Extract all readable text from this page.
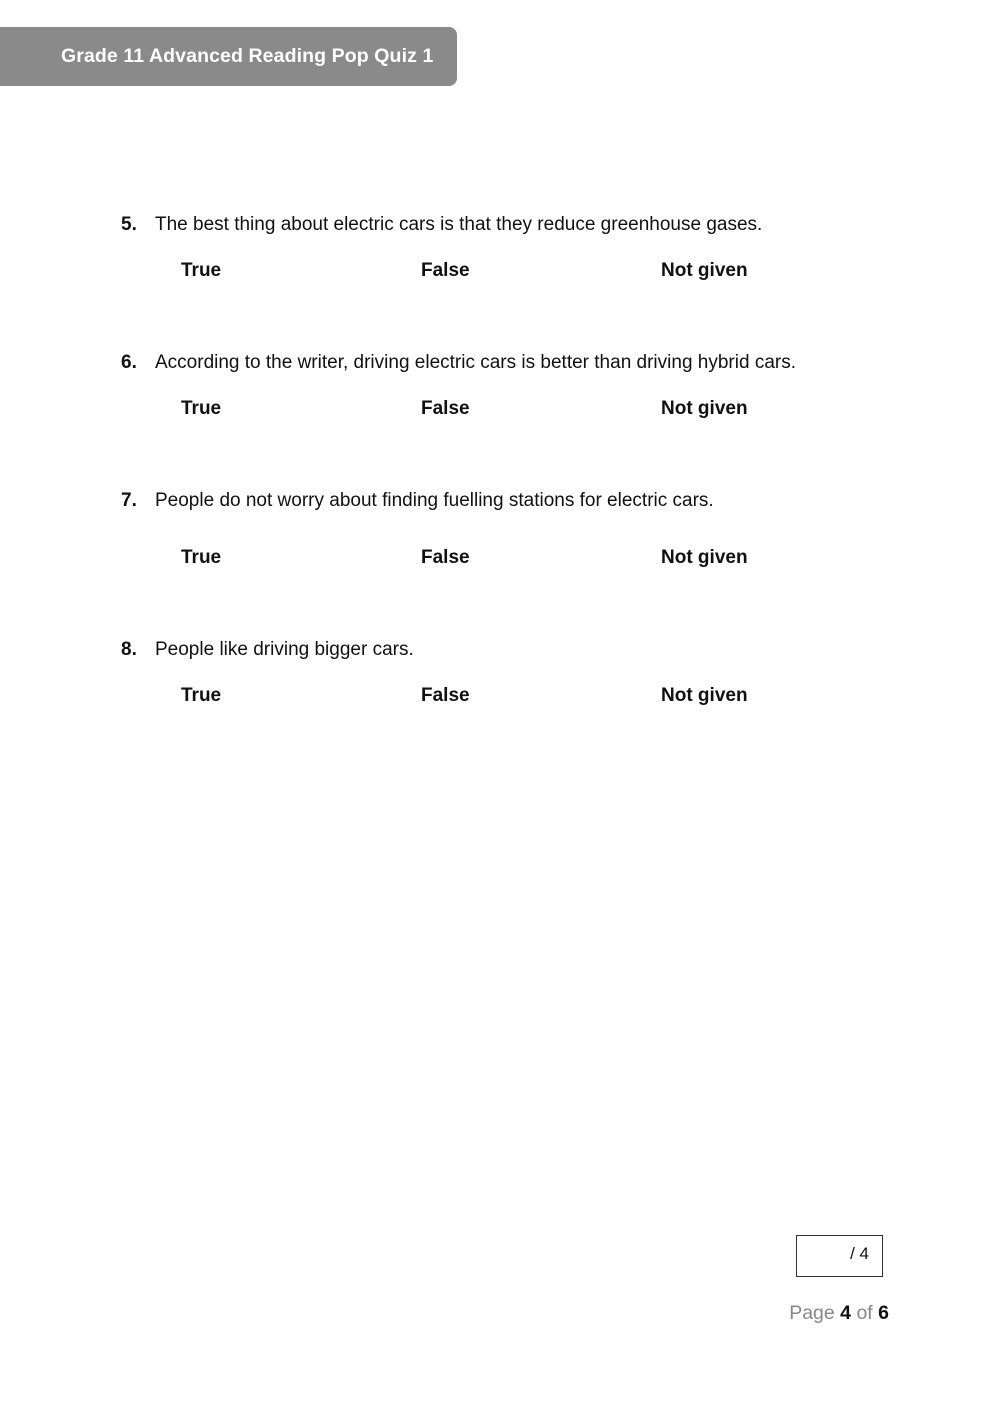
Grade 11 Advanced Reading Pop Quiz 1
5. The best thing about electric cars is that they reduce greenhouse gases.
True	False	Not given
6. According to the writer, driving electric cars is better than driving hybrid cars.
True	False	Not given
7. People do not worry about finding fuelling stations for electric cars.
True	False	Not given
8. People like driving bigger cars.
True	False	Not given
/ 4
Page 4 of 6
